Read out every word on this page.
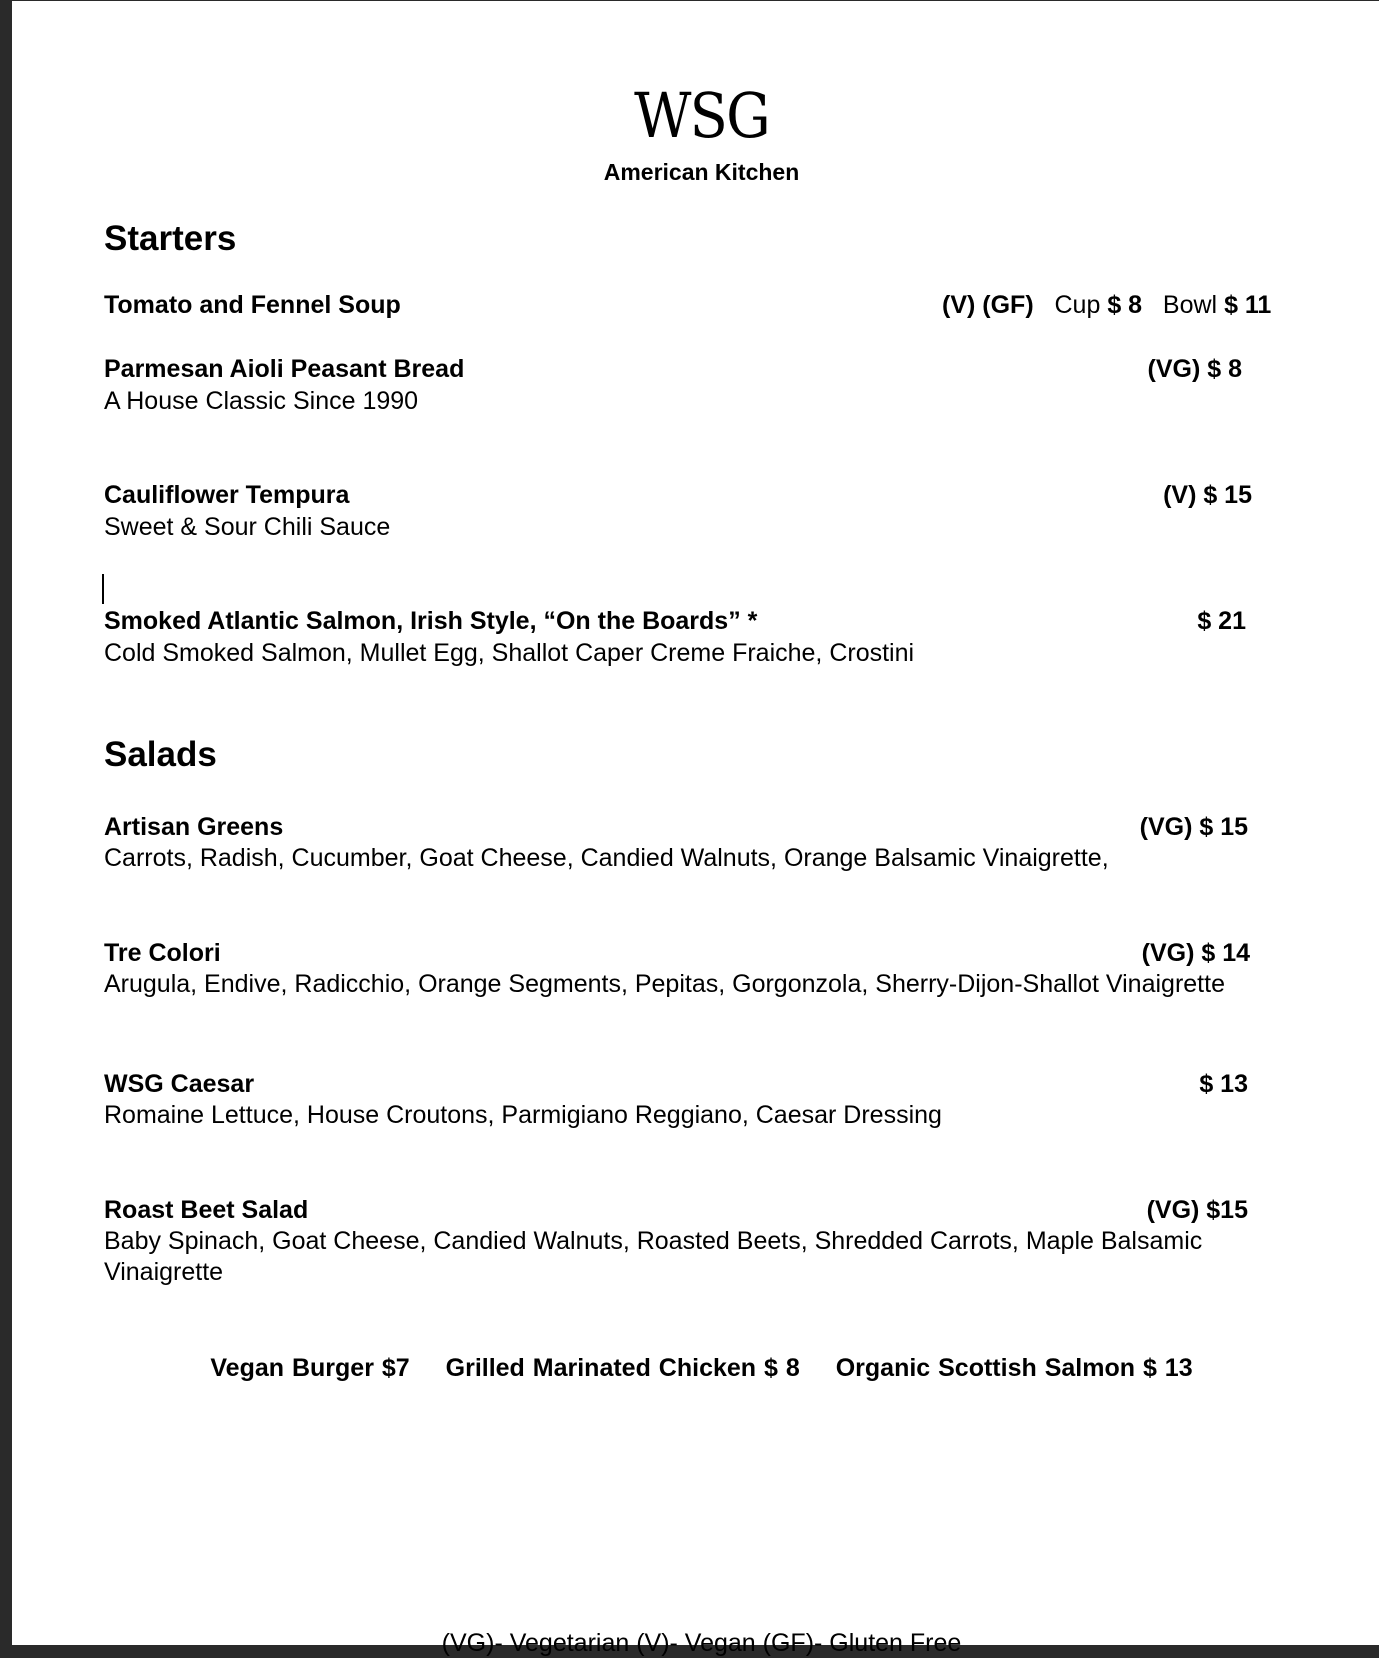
WSG
American Kitchen
Starters
Tomato and Fennel Soup	(V) (GF) Cup $ 8 Bowl $ 11
Parmesan Aioli Peasant Bread
A House Classic Since 1990
(VG) $ 8
Cauliflower Tempura
Sweet & Sour Chili Sauce
(V) $ 15
Smoked Atlantic Salmon, Irish Style, “On the Boards” *
Cold Smoked Salmon, Mullet Egg, Shallot Caper Creme Fraiche, Crostini
$ 21
Salads
Artisan Greens
Carrots, Radish, Cucumber, Goat Cheese, Candied Walnuts, Orange Balsamic Vinaigrette,
(VG) $ 15
Tre Colori
Arugula, Endive, Radicchio, Orange Segments, Pepitas, Gorgonzola, Sherry-Dijon-Shallot Vinaigrette
(VG) $ 14
WSG Caesar
Romaine Lettuce, House Croutons, Parmigiano Reggiano, Caesar Dressing
$ 13
Roast Beet Salad
Baby Spinach, Goat Cheese, Candied Walnuts, Roasted Beets, Shredded Carrots, Maple Balsamic
Vinaigrette
(VG) $15
Vegan Burger $7 Grilled Marinated Chicken $ 8 Organic Scottish Salmon $ 13
(VG)- Vegetarian (V)- Vegan (GF)- Gluten Free
